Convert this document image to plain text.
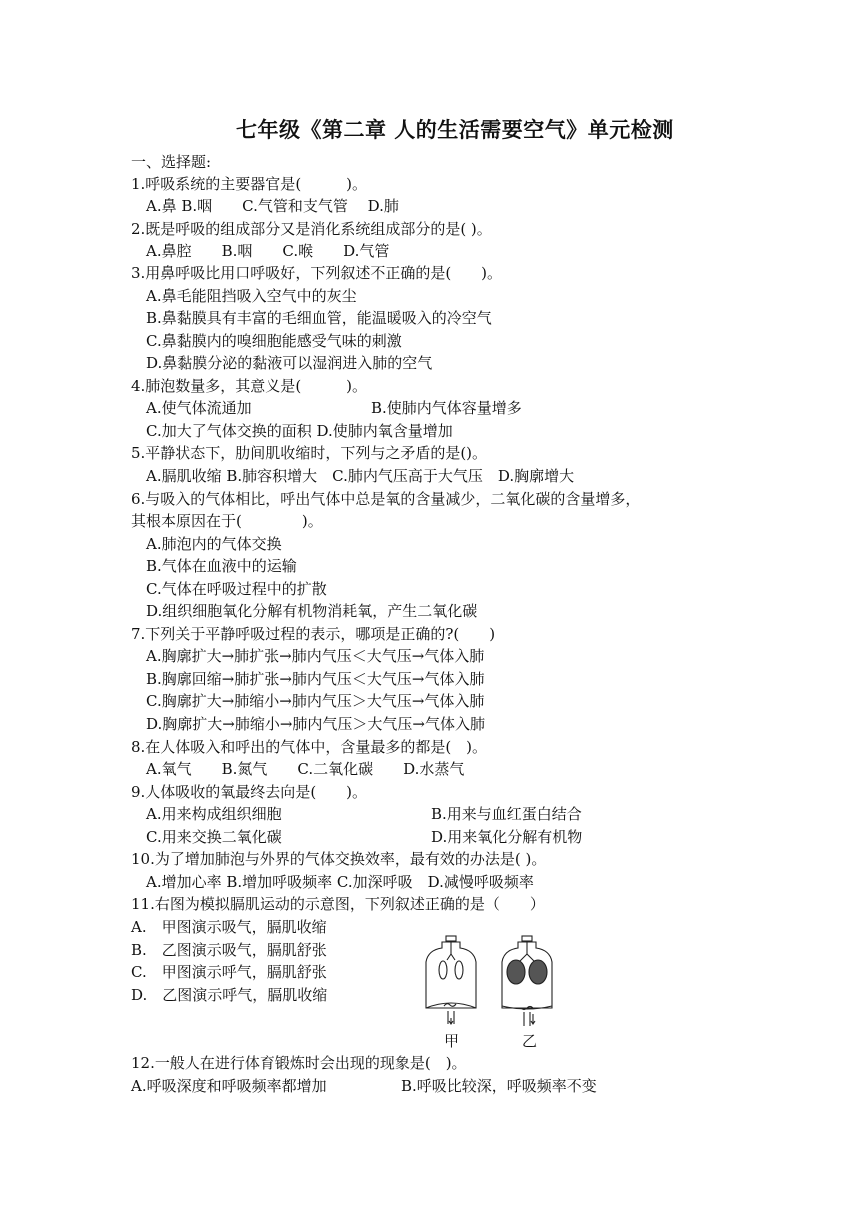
七年级《第二章 人的生活需要空气》单元检测
一、选择题:
1.呼吸系统的主要器官是(　　　)。
A.鼻 B.咽　　C.气管和支气管　 D.肺
2.既是呼吸的组成部分又是消化系统组成部分的是( )。
A.鼻腔　　B.咽　　C.喉　　D.气管
3.用鼻呼吸比用口呼吸好，下列叙述不正确的是(　　)。
A.鼻毛能阻挡吸入空气中的灰尘
B.鼻黏膜具有丰富的毛细血管，能温暖吸入的冷空气
C.鼻黏膜内的嗅细胞能感受气味的刺激
D.鼻黏膜分泌的黏液可以湿润进入肺的空气
4.肺泡数量多，其意义是(　　　)。
A.使气体流通加	B.使肺内气体容量增多
C.加大了气体交换的面积 D.使肺内氧含量增加
5.平静状态下，肋间肌收缩时，下列与之矛盾的是()。
A.膈肌收缩 B.肺容积增大　C.肺内气压高于大气压　D.胸廓增大
6.与吸入的气体相比，呼出气体中总是氧的含量减少，二氧化碳的含量增多，
其根本原因在于(　　　　)。
A.肺泡内的气体交换
B.气体在血液中的运输
C.气体在呼吸过程中的扩散
D.组织细胞氧化分解有机物消耗氧，产生二氧化碳
7.下列关于平静呼吸过程的表示，哪项是正确的?(　　)
A.胸廓扩大→肺扩张→肺内气压＜大气压→气体入肺
B.胸廓回缩→肺扩张→肺内气压＜大气压→气体入肺
C.胸廓扩大→肺缩小→肺内气压＞大气压→气体入肺
D.胸廓扩大→肺缩小→肺内气压＞大气压→气体入肺
8.在人体吸入和呼出的气体中，含量最多的都是(　)。
A.氧气　　B.氮气　　C.二氧化碳　　D.水蒸气
9.人体吸收的氧最终去向是(　　)。
A.用来构成组织细胞	B.用来与血红蛋白结合
C.用来交换二氧化碳	D.用来氧化分解有机物
10.为了增加肺泡与外界的气体交换效率，最有效的办法是( )。
A.增加心率 B.增加呼吸频率 C.加深呼吸　D.减慢呼吸频率
11.右图为模拟膈肌运动的示意图，下列叙述正确的是（　　）
A.　甲图演示吸气，膈肌收缩
B.　乙图演示吸气，膈肌舒张
C.　甲图演示呼气，膈肌舒张
D.　乙图演示呼气，膈肌收缩
甲	乙
12.一般人在进行体育锻炼时会出现的现象是(　)。
A.呼吸深度和呼吸频率都增加	B.呼吸比较深，呼吸频率不变
